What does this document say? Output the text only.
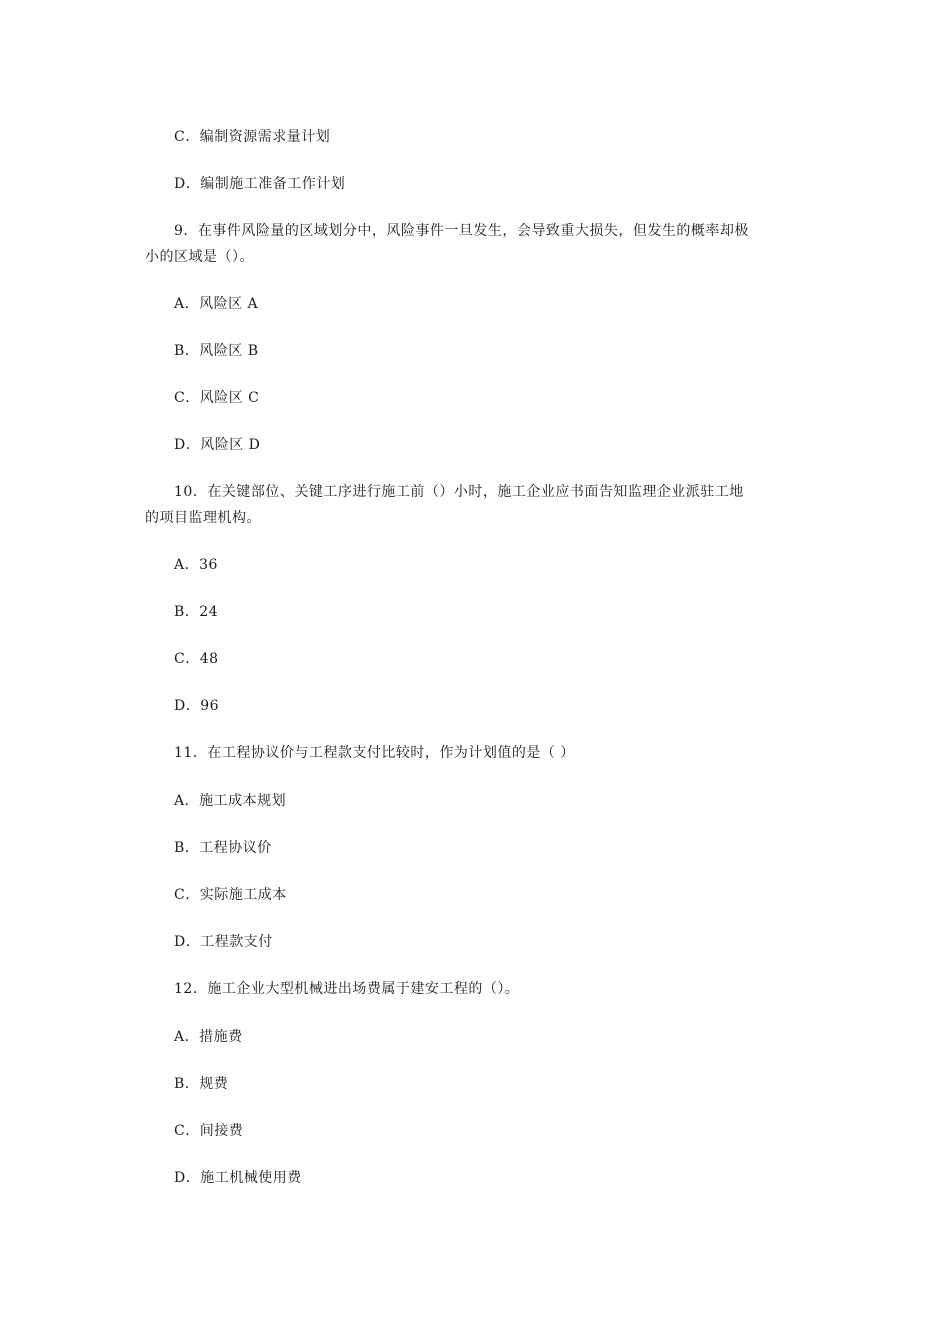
C．编制资源需求量计划
D．编制施工准备工作计划
9．在事件风险量的区域划分中，风险事件一旦发生，会导致重大损失，但发生的概率却极
小的区域是（）。
A．风险区 A
B．风险区 B
C．风险区 C
D．风险区 D
10．在关键部位、关键工序进行施工前（）小时，施工企业应书面告知监理企业派驻工地
的项目监理机构。
A．36
B．24
C．48
D．96
11．在工程协议价与工程款支付比较时，作为计划值的是（ ）
A．施工成本规划
B．工程协议价
C．实际施工成本
D．工程款支付
12．施工企业大型机械进出场费属于建安工程的（）。
A．措施费
B．规费
C．间接费
D．施工机械使用费
